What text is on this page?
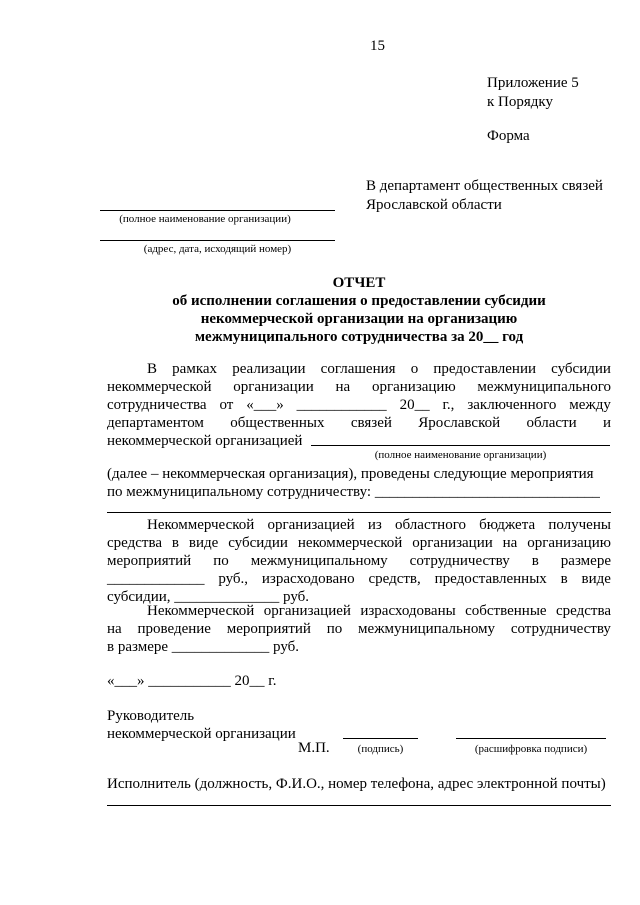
15
Приложение 5
к Порядку
Форма
В департамент общественных связей
Ярославской области
(полное наименование организации)
(адрес, дата, исходящий номер)
ОТЧЕТ
об исполнении соглашения о предоставлении субсидии
некоммерческой организации на организацию
межмуниципального сотрудничества за 20__ год
В рамках реализации соглашения о предоставлении субсидии
некоммерческой организации на организацию межмуниципального
сотрудничества от «___» ____________ 20__ г., заключенного между
департаментом общественных связей Ярославской области и
некоммерческой организацией
(полное наименование организации)
(далее – некоммерческая организация), проведены следующие мероприятия
по межмуниципальному сотрудничеству: ______________________________
Некоммерческой организацией из областного бюджета получены
средства в виде субсидии некоммерческой организации на организацию
мероприятий по межмуниципальному сотрудничеству в размере
_____________ руб., израсходовано средств, предоставленных в виде
субсидии, ______________ руб.
Некоммерческой организацией израсходованы собственные средства
на проведение мероприятий по межмуниципальному сотрудничеству
в размере _____________ руб.
«___» ___________ 20__ г.
Руководитель
некоммерческой организации
М.П.	(подпись)	(расшифровка подписи)
Исполнитель (должность, Ф.И.О., номер телефона, адрес электронной почты)
